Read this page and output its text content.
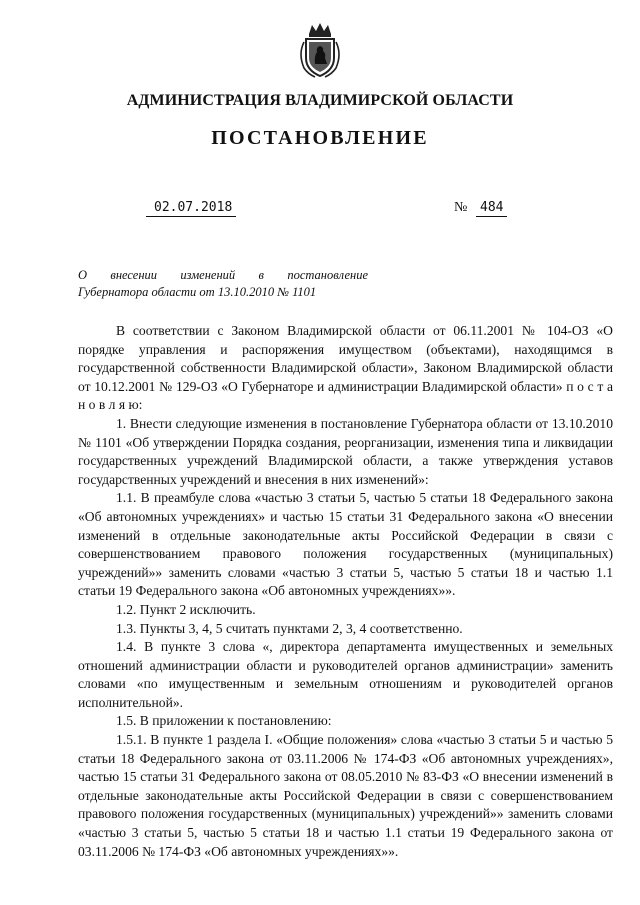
АДМИНИСТРАЦИЯ ВЛАДИМИРСКОЙ ОБЛАСТИ
ПОСТАНОВЛЕНИЕ
02.07.2018	№ 484
О внесении изменений в постановление
Губернатора области от 13.10.2010 № 1101

В соответствии с Законом Владимирской области от 06.11.2001 № 104-ОЗ «О порядке управления и распоряжения имуществом (объектами), находящимся в государственной собственности Владимирской области», Законом Владимирской области от 10.12.2001 № 129-ОЗ «О Губернаторе и администрации Владимирской области» п о с т а н о в л я ю:

1. Внести следующие изменения в постановление Губернатора области от 13.10.2010 № 1101 «Об утверждении Порядка создания, реорганизации, изменения типа и ликвидации государственных учреждений Владимирской области, а также утверждения уставов государственных учреждений и внесения в них изменений»:

1.1. В преамбуле слова «частью 3 статьи 5, частью 5 статьи 18 Федерального закона «Об автономных учреждениях» и частью 15 статьи 31 Федерального закона «О внесении изменений в отдельные законодательные акты Российской Федерации в связи с совершенствованием правового положения государственных (муниципальных) учреждений»» заменить словами «частью 3 статьи 5, частью 5 статьи 18 и частью 1.1 статьи 19 Федерального закона «Об автономных учреждениях»».

1.2. Пункт 2 исключить.

1.3. Пункты 3, 4, 5 считать пунктами 2, 3, 4 соответственно.

1.4. В пункте 3 слова «, директора департамента имущественных и земельных отношений администрации области и руководителей органов администрации» заменить словами «по имущественным и земельным отношениям и руководителей органов исполнительной».

1.5. В приложении к постановлению:

1.5.1. В пункте 1 раздела I. «Общие положения» слова «частью 3 статьи 5 и частью 5 статьи 18 Федерального закона от 03.11.2006 № 174-ФЗ «Об автономных учреждениях», частью 15 статьи 31 Федерального закона от 08.05.2010 № 83-ФЗ «О внесении изменений в отдельные законодательные акты Российской Федерации в связи с совершенствованием правового положения государственных (муниципальных) учреждений»» заменить словами «частью 3 статьи 5, частью 5 статьи 18 и частью 1.1 статьи 19 Федерального закона от 03.11.2006 № 174-ФЗ «Об автономных учреждениях»».
